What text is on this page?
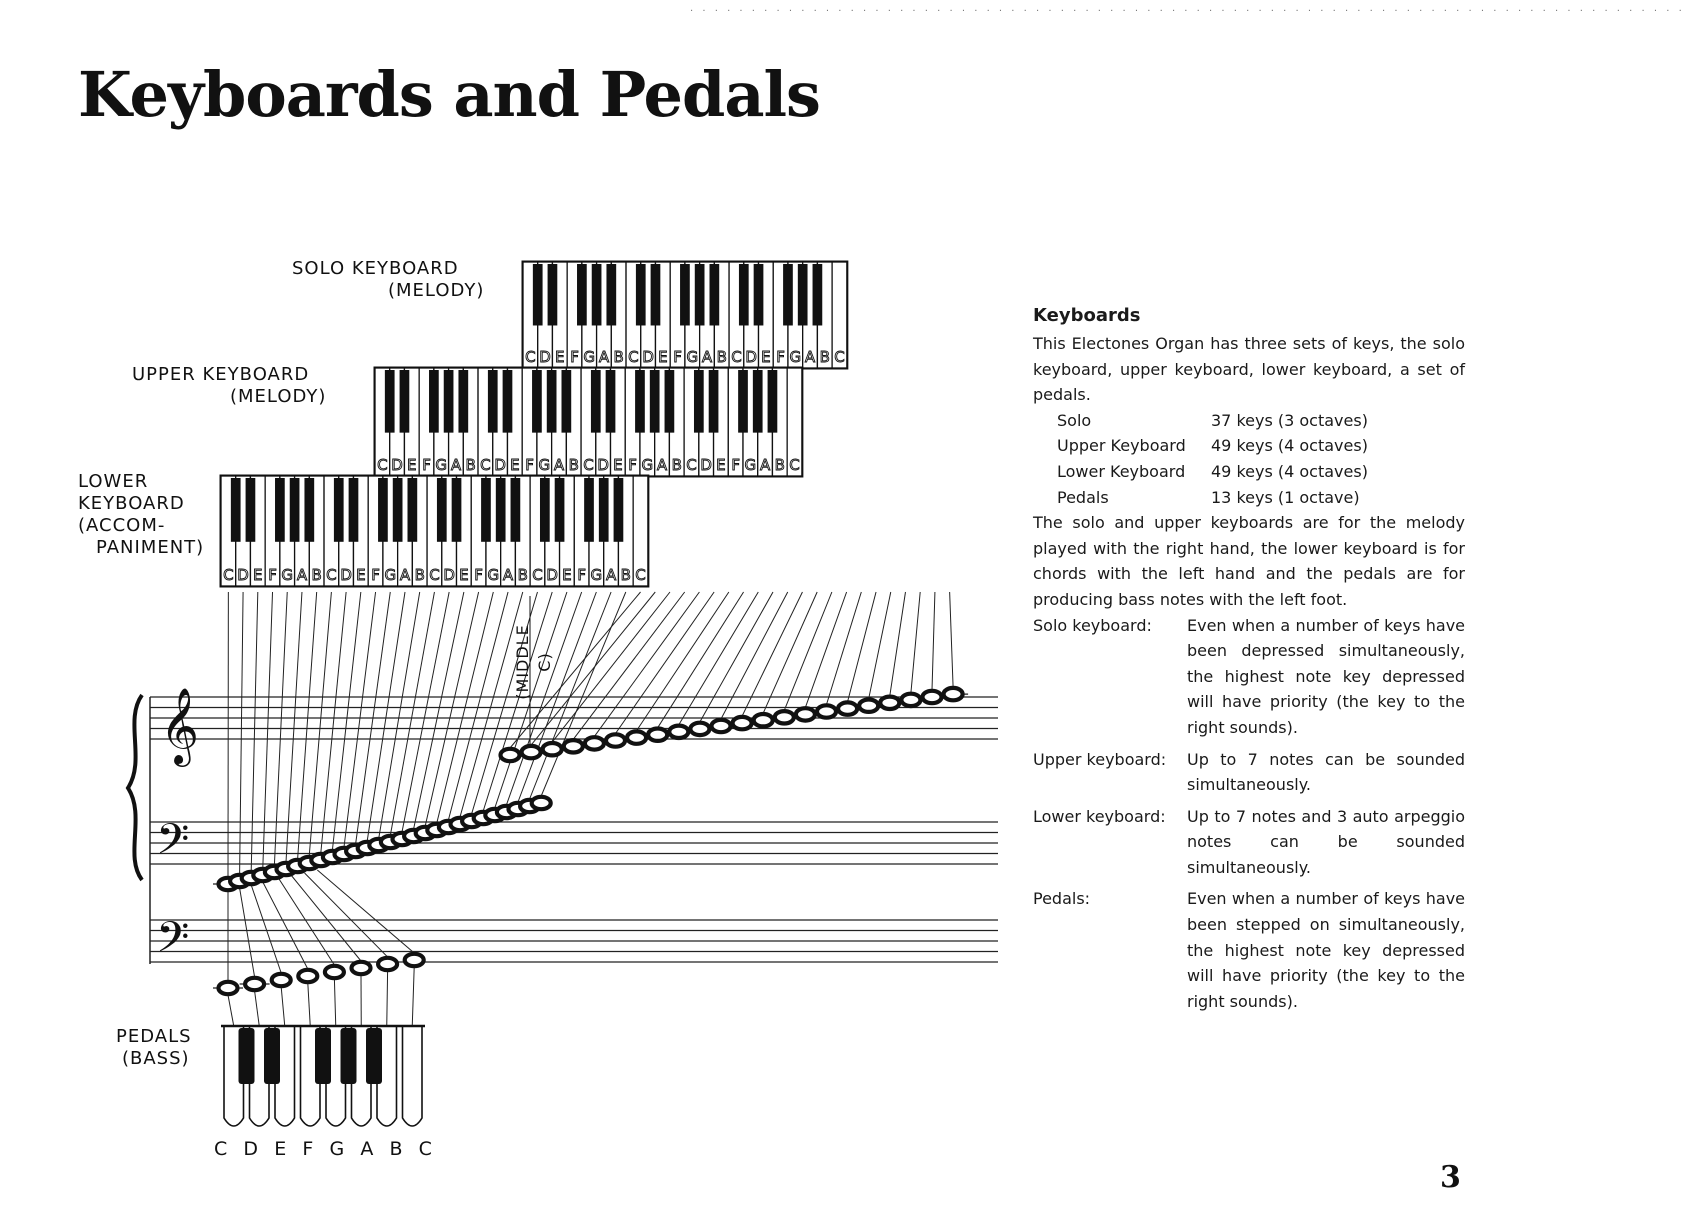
· · · · · · · · · · · · · · · · · · · · · · · · · · · · · · · · · · · · · · · · · · · · · · · · · · · · · · · · · · · · · · · · · · · · · · · · · · · · · · · · ·
Keyboards and Pedals
C D E F G A B C D E F G A B C D E F G A B C
C D E F G A B C D E F G A B C D E F G A B C D E F G A B C
C D E F G A B C D E F G A B C D E F G A B C D E F G A B C
𝄞
𝄢
𝄢
SOLO KEYBOARD
(MELODY)
UPPER KEYBOARD
(MELODY)
LOWER
KEYBOARD
(ACCOM-
PANIMENT)
PEDALS
(BASS)
(MIDDLE C)
C D E F G A B C
Keyboards

This Electones Organ has three sets of keys, the solo keyboard, upper keyboard, lower keyboard, a set of pedals.

Solo	37 keys (3 octaves)
Upper Keyboard	49 keys (4 octaves)
Lower Keyboard	49 keys (4 octaves)
Pedals	13 keys (1 octave)

The solo and upper keyboards are for the melody played with the right hand, the lower keyboard is for chords with the left hand and the pedals are for producing bass notes with the left foot.

Solo keyboard:	Even when a number of keys have been depressed simultaneously, the highest note key depressed will have priority (the key to the right sounds).
Upper keyboard:	Up to 7 notes can be sounded simultaneously.
Lower keyboard:	Up to 7 notes and 3 auto arpeggio notes can be sounded simultaneously.
Pedals:	Even when a number of keys have been stepped on simultaneously, the highest note key depressed will have priority (the key to the right sounds).
3
